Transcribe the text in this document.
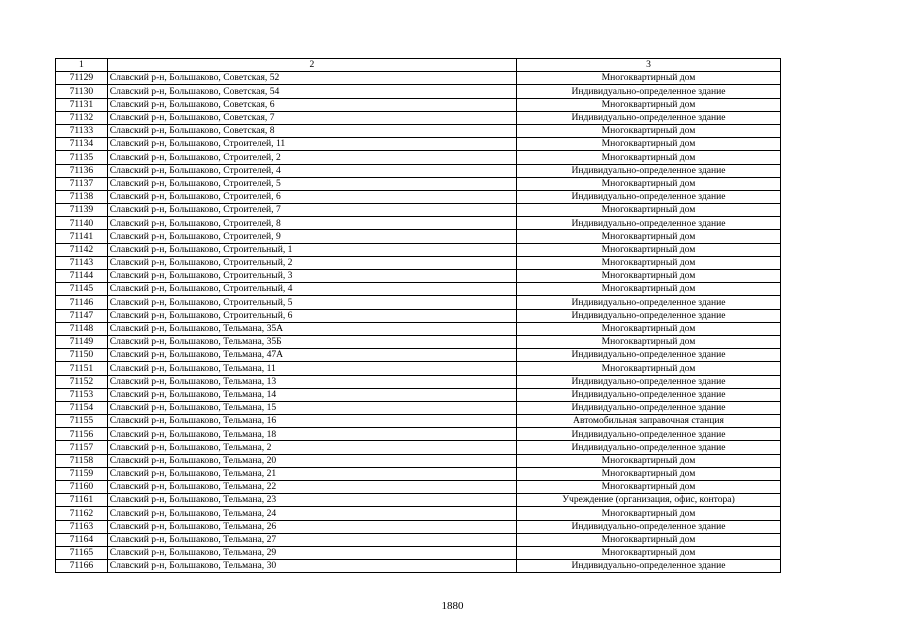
1	2	3
71129	Славский р-н, Большаково, Советская, 52	Многоквартирный дом
71130	Славский р-н, Большаково, Советская, 54	Индивидуально-определенное здание
71131	Славский р-н, Большаково, Советская, 6	Многоквартирный дом
71132	Славский р-н, Большаково, Советская, 7	Индивидуально-определенное здание
71133	Славский р-н, Большаково, Советская, 8	Многоквартирный дом
71134	Славский р-н, Большаково, Строителей, 11	Многоквартирный дом
71135	Славский р-н, Большаково, Строителей, 2	Многоквартирный дом
71136	Славский р-н, Большаково, Строителей, 4	Индивидуально-определенное здание
71137	Славский р-н, Большаково, Строителей, 5	Многоквартирный дом
71138	Славский р-н, Большаково, Строителей, 6	Индивидуально-определенное здание
71139	Славский р-н, Большаково, Строителей, 7	Многоквартирный дом
71140	Славский р-н, Большаково, Строителей, 8	Индивидуально-определенное здание
71141	Славский р-н, Большаково, Строителей, 9	Многоквартирный дом
71142	Славский р-н, Большаково, Строительный, 1	Многоквартирный дом
71143	Славский р-н, Большаково, Строительный, 2	Многоквартирный дом
71144	Славский р-н, Большаково, Строительный, 3	Многоквартирный дом
71145	Славский р-н, Большаково, Строительный, 4	Многоквартирный дом
71146	Славский р-н, Большаково, Строительный, 5	Индивидуально-определенное здание
71147	Славский р-н, Большаково, Строительный, 6	Индивидуально-определенное здание
71148	Славский р-н, Большаково, Тельмана, 35А	Многоквартирный дом
71149	Славский р-н, Большаково, Тельмана, 35Б	Многоквартирный дом
71150	Славский р-н, Большаково, Тельмана, 47А	Индивидуально-определенное здание
71151	Славский р-н, Большаково, Тельмана, 11	Многоквартирный дом
71152	Славский р-н, Большаково, Тельмана, 13	Индивидуально-определенное здание
71153	Славский р-н, Большаково, Тельмана, 14	Индивидуально-определенное здание
71154	Славский р-н, Большаково, Тельмана, 15	Индивидуально-определенное здание
71155	Славский р-н, Большаково, Тельмана, 16	Автомобильная заправочная станция
71156	Славский р-н, Большаково, Тельмана, 18	Индивидуально-определенное здание
71157	Славский р-н, Большаково, Тельмана, 2	Индивидуально-определенное здание
71158	Славский р-н, Большаково, Тельмана, 20	Многоквартирный дом
71159	Славский р-н, Большаково, Тельмана, 21	Многоквартирный дом
71160	Славский р-н, Большаково, Тельмана, 22	Многоквартирный дом
71161	Славский р-н, Большаково, Тельмана, 23	Учреждение (организация, офис, контора)
71162	Славский р-н, Большаково, Тельмана, 24	Многоквартирный дом
71163	Славский р-н, Большаково, Тельмана, 26	Индивидуально-определенное здание
71164	Славский р-н, Большаково, Тельмана, 27	Многоквартирный дом
71165	Славский р-н, Большаково, Тельмана, 29	Многоквартирный дом
71166	Славский р-н, Большаково, Тельмана, 30	Индивидуально-определенное здание
1880
